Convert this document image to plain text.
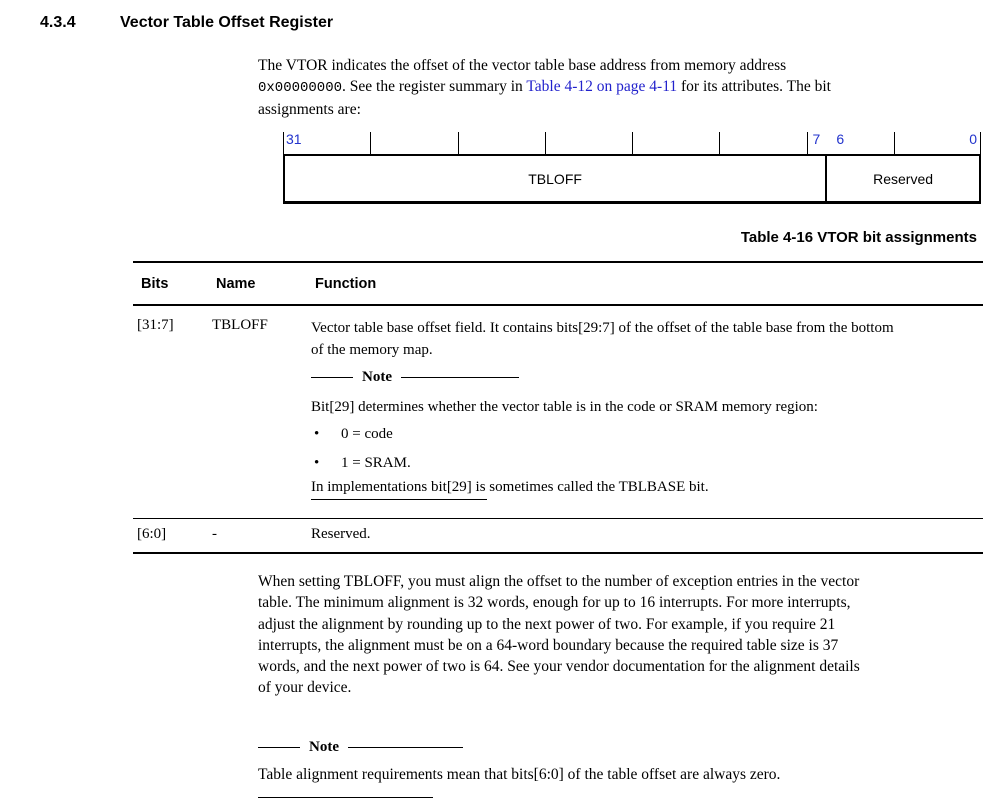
4.3.4	Vector Table Offset Register
The VTOR indicates the offset of the vector table base address from memory address
0x00000000. See the register summary in Table 4-12 on page 4-11 for its attributes. The bit
assignments are:
31	7 6	0
TBLOFF	Reserved
Table 4-16 VTOR bit assignments
Bits	Name	Function
[31:7]	TBLOFF	Vector table base offset field. It contains bits[29:7] of the offset of the table base from the bottom
of the memory map.
Note
Bit[29] determines whether the vector table is in the code or SRAM memory region:
•	0 = code
•	1 = SRAM.
In implementations bit[29] is sometimes called the TBLBASE bit.
[6:0]	-	Reserved.
When setting TBLOFF, you must align the offset to the number of exception entries in the vector
table. The minimum alignment is 32 words, enough for up to 16 interrupts. For more interrupts,
adjust the alignment by rounding up to the next power of two. For example, if you require 21
interrupts, the alignment must be on a 64-word boundary because the required table size is 37
words, and the next power of two is 64. See your vendor documentation for the alignment details
of your device.
Note
Table alignment requirements mean that bits[6:0] of the table offset are always zero.
